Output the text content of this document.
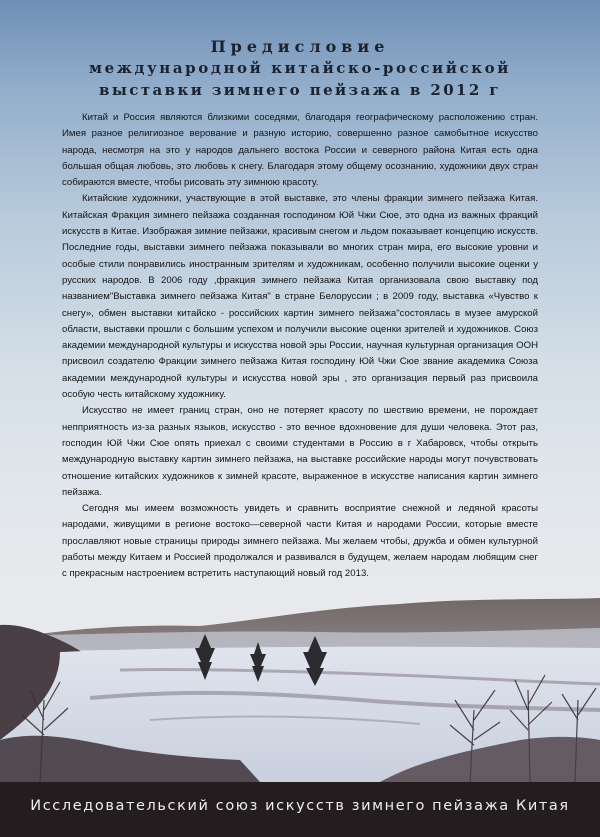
Предисловие
международной китайско-российской
выставки зимнего пейзажа в 2012 г

Китай и Россия являются близкими соседями, благодаря географическому расположению стран. Имея разное религиозное верование и разную историю, совершенно разное самобытное искусство народа, несмотря на это у народов дальнего востока России и северного района Китая есть одна большая общая любовь, это любовь к снегу. Благодаря этому общему осознанию, художники двух стран собираются вместе, чтобы рисовать эту зимнюю красоту.

Китайские художники, участвующие в этой выставке, это члены фракции зимнего пейзажа Китая. Китайская Фракция зимнего пейзажа созданная господином Юй Чжи Сюе, это одна из важных фракций искусств в Китае. Изображая зимние пейзажи, красивым снегом и льдом показывает концепцию искусств. Последние годы, выставки зимнего пейзажа показывали во многих стран мира, его высокие уровни и особые стили понравились иностранным зрителям и художникам, особенно получили высокие оценки у русских народов. В 2006 году ,фракция зимнего пейзажа Китая организовала свою выставку под названием"Выставка зимнего пейзажа Китая" в стране Белоруссии ; в 2009 году, выставка «Чувство к снегу», обмен выставки китайско - российских картин зимнего пейзажа"состоялась в музее амурской области, выставки прошли с большим успехом и получили высокие оценки зрителей и художников. Союз академии международной культуры и искусства новой эры России, научная культурная организация ООН присвоил создателю Фракции зимнего пейзажа Китая господину Юй Чжи Сюе звание академика Союза академии международной культуры и искусства новой эры , это организация первый раз присвоила особую честь китайскому художнику.

Искусство не имеет границ стран, оно не потеряет красоту по шествию времени, не порождает непприятность из-за разных языков, искусство - это вечное вдохновение для души человека. Этот раз, господин Юй Чжи Сюе опять приехал с своими студентами в Россию в г Хабаровск, чтобы открыть международную выставку картин зимнего пейзажа, на выставке российские народы могут почувствовать отношение китайских художников к зимней красоте, выраженное в искусстве написания картин зимнего пейзажа.

Сегодня мы имеем возможность увидеть и сравнить восприятие снежной и ледяной красоты народами, живущими в регионе востоко—северной части Китая и народами России, которые вместе прославляют новые страницы природы зимнего пейзажа. Мы желаем чтобы, дружба и обмен культурной работы между Китаем и Россией продолжался и развивался в будущем, желаем народам любящим снег с прекрасным настроением встретить наступающий новый год 2013.

Исследовательский союз искусств зимнего пейзажа Китая
